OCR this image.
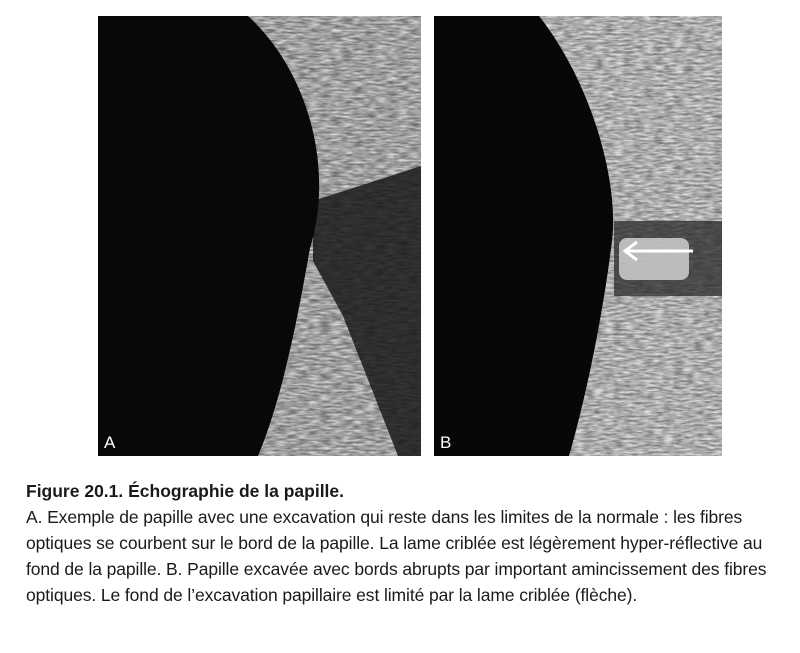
A	B

Figure 20.1. Échographie de la papille.

A. Exemple de papille avec une excavation qui reste dans les limites de la normale : les fibres optiques se courbent sur le bord de la papille. La lame criblée est légèrement hyper-réflective au fond de la papille. B. Papille excavée avec bords abrupts par important amincissement des fibres optiques. Le fond de l’excavation papillaire est limité par la lame criblée (flèche).
